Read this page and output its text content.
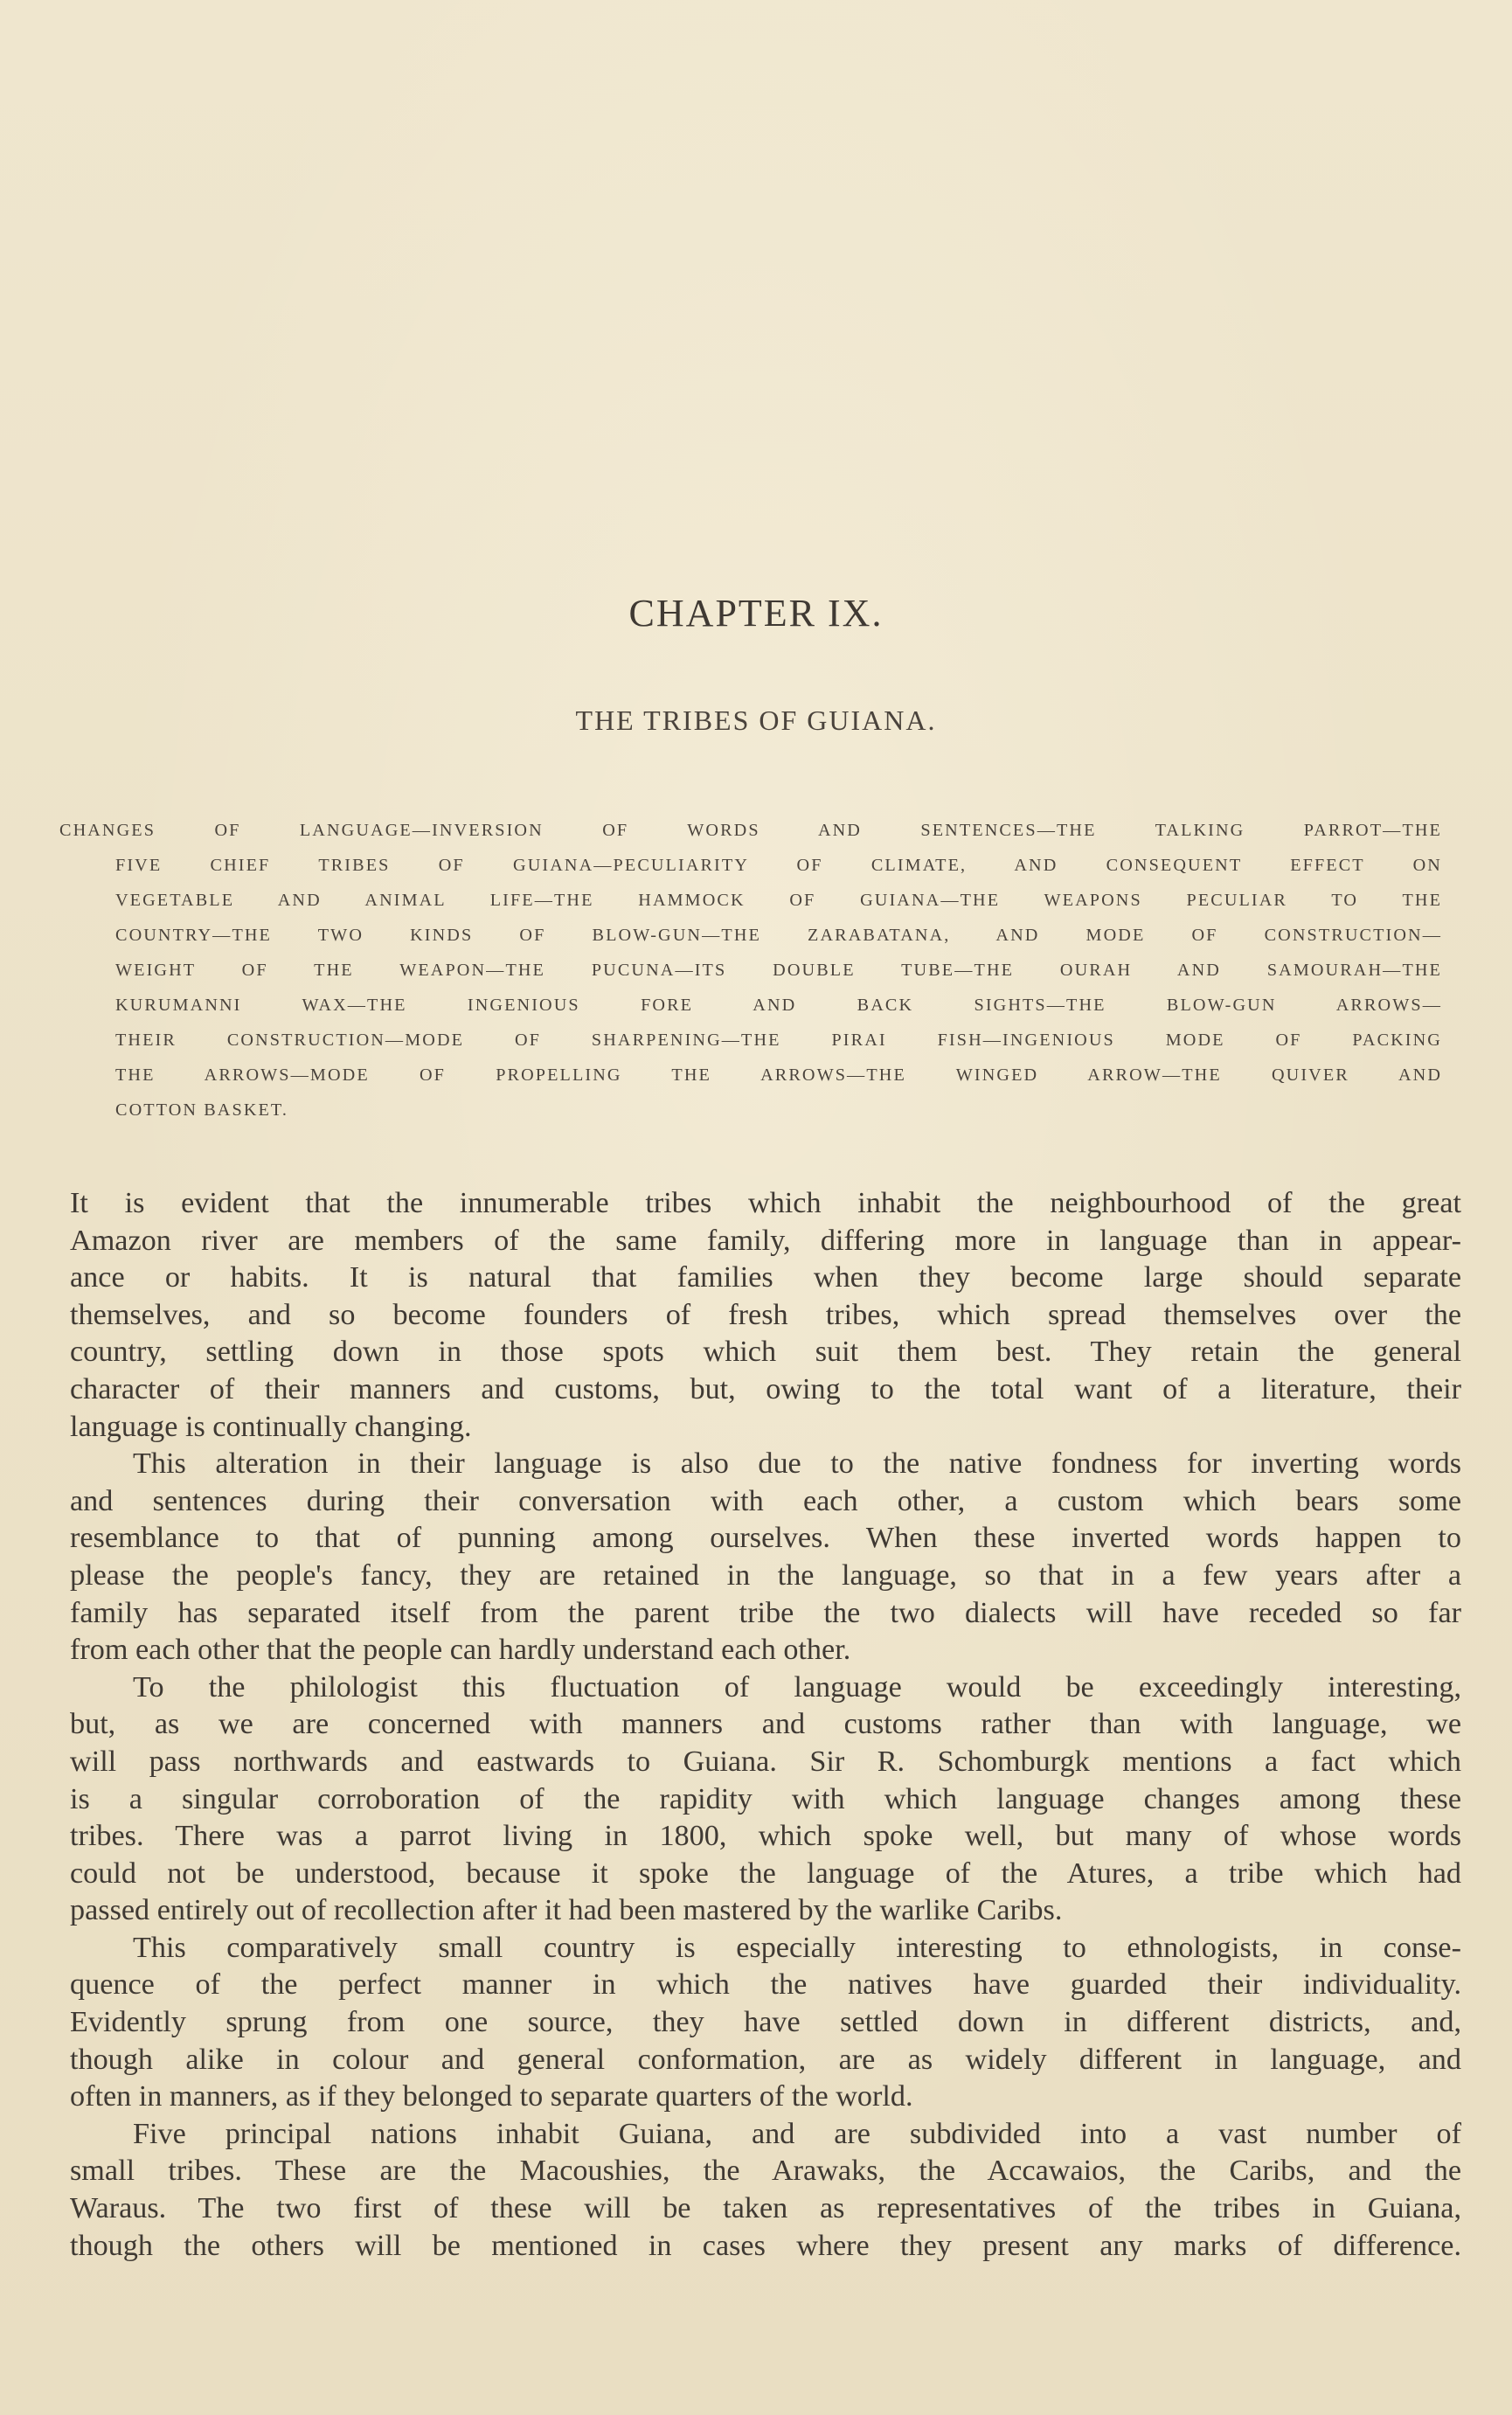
CHAPTER IX.
THE TRIBES OF GUIANA.
CHANGES OF LANGUAGE—INVERSION OF WORDS AND SENTENCES—THE TALKING PARROT—THE
FIVE CHIEF TRIBES OF GUIANA—PECULIARITY OF CLIMATE, AND CONSEQUENT EFFECT ON
VEGETABLE AND ANIMAL LIFE—THE HAMMOCK OF GUIANA—THE WEAPONS PECULIAR TO THE
COUNTRY—THE TWO KINDS OF BLOW-GUN—THE ZARABATANA, AND MODE OF CONSTRUCTION—
WEIGHT OF THE WEAPON—THE PUCUNA—ITS DOUBLE TUBE—THE OURAH AND SAMOURAH—THE
KURUMANNI WAX—THE INGENIOUS FORE AND BACK SIGHTS—THE BLOW-GUN ARROWS—
THEIR CONSTRUCTION—MODE OF SHARPENING—THE PIRAI FISH—INGENIOUS MODE OF PACKING
THE ARROWS—MODE OF PROPELLING THE ARROWS—THE WINGED ARROW—THE QUIVER AND
COTTON BASKET.

It is evident that the innumerable tribes which inhabit the neighbourhood of the great
Amazon river are members of the same family, differing more in language than in appear-
ance or habits. It is natural that families when they become large should separate
themselves, and so become founders of fresh tribes, which spread themselves over the
country, settling down in those spots which suit them best. They retain the general
character of their manners and customs, but, owing to the total want of a literature, their
language is continually changing.

This alteration in their language is also due to the native fondness for inverting words
and sentences during their conversation with each other, a custom which bears some
resemblance to that of punning among ourselves. When these inverted words happen to
please the people's fancy, they are retained in the language, so that in a few years after a
family has separated itself from the parent tribe the two dialects will have receded so far
from each other that the people can hardly understand each other.

To the philologist this fluctuation of language would be exceedingly interesting,
but, as we are concerned with manners and customs rather than with language, we
will pass northwards and eastwards to Guiana. Sir R. Schomburgk mentions a fact which
is a singular corroboration of the rapidity with which language changes among these
tribes. There was a parrot living in 1800, which spoke well, but many of whose words
could not be understood, because it spoke the language of the Atures, a tribe which had
passed entirely out of recollection after it had been mastered by the warlike Caribs.

This comparatively small country is especially interesting to ethnologists, in conse-
quence of the perfect manner in which the natives have guarded their individuality.
Evidently sprung from one source, they have settled down in different districts, and,
though alike in colour and general conformation, are as widely different in language, and
often in manners, as if they belonged to separate quarters of the world.

Five principal nations inhabit Guiana, and are subdivided into a vast number of
small tribes. These are the Macoushies, the Arawaks, the Accawaios, the Caribs, and the
Waraus. The two first of these will be taken as representatives of the tribes in Guiana,
though the others will be mentioned in cases where they present any marks of difference.
